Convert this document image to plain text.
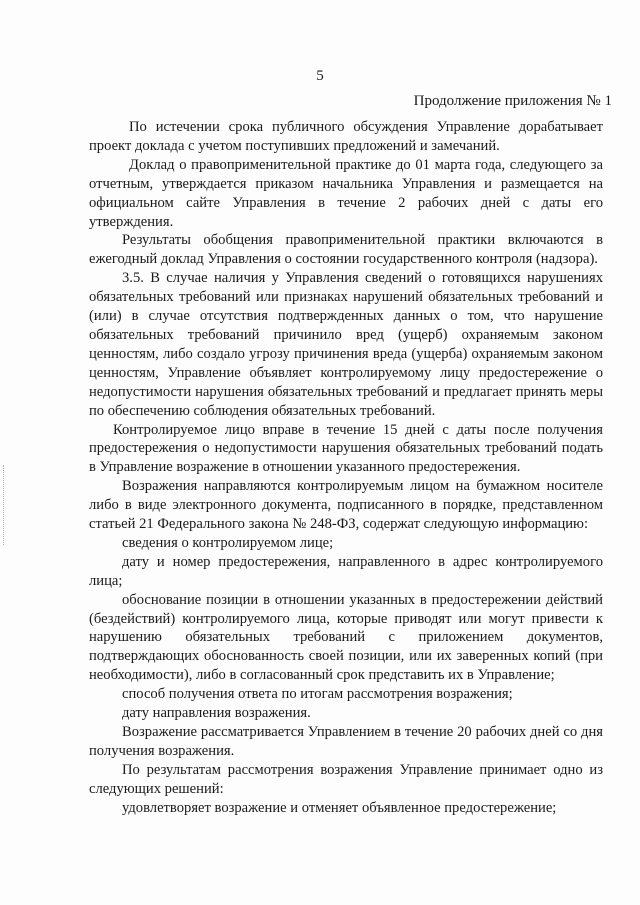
5
Продолжение приложения № 1

По истечении срока публичного обсуждения Управление дорабатывает проект доклада с учетом поступивших предложений и замечаний.

Доклад о правоприменительной практике до 01 марта года, следующего за отчетным, утверждается приказом начальника Управления и размещается на официальном сайте Управления в течение 2 рабочих дней с даты его утверждения.

Результаты обобщения правоприменительной практики включаются в ежегодный доклад Управления о состоянии государственного контроля (надзора).

3.5. В случае наличия у Управления сведений о готовящихся нарушениях обязательных требований или признаках нарушений обязательных требований и (или) в случае отсутствия подтвержденных данных о том, что нарушение обязательных требований причинило вред (ущерб) охраняемым законом ценностям, либо создало угрозу причинения вреда (ущерба) охраняемым законом ценностям, Управление объявляет контролируемому лицу предостережение о недопустимости нарушения обязательных требований и предлагает принять меры по обеспечению соблюдения обязательных требований.

Контролируемое лицо вправе в течение 15 дней с даты после получения предостережения о недопустимости нарушения обязательных требований подать в Управление возражение в отношении указанного предостережения.

Возражения направляются контролируемым лицом на бумажном носителе либо в виде электронного документа, подписанного в порядке, представленном статьей 21 Федерального закона № 248-ФЗ, содержат следующую информацию:

сведения о контролируемом лице;

дату и номер предостережения, направленного в адрес контролируемого лица;

обоснование позиции в отношении указанных в предостережении действий (бездействий) контролируемого лица, которые приводят или могут привести к нарушению обязательных требований с приложением документов, подтверждающих обоснованность своей позиции, или их заверенных копий (при необходимости), либо в согласованный срок представить их в Управление;

способ получения ответа по итогам рассмотрения возражения;

дату направления возражения.

Возражение рассматривается Управлением в течение 20 рабочих дней со дня получения возражения.

По результатам рассмотрения возражения Управление принимает одно из следующих решений:

удовлетворяет возражение и отменяет объявленное предостережение;
